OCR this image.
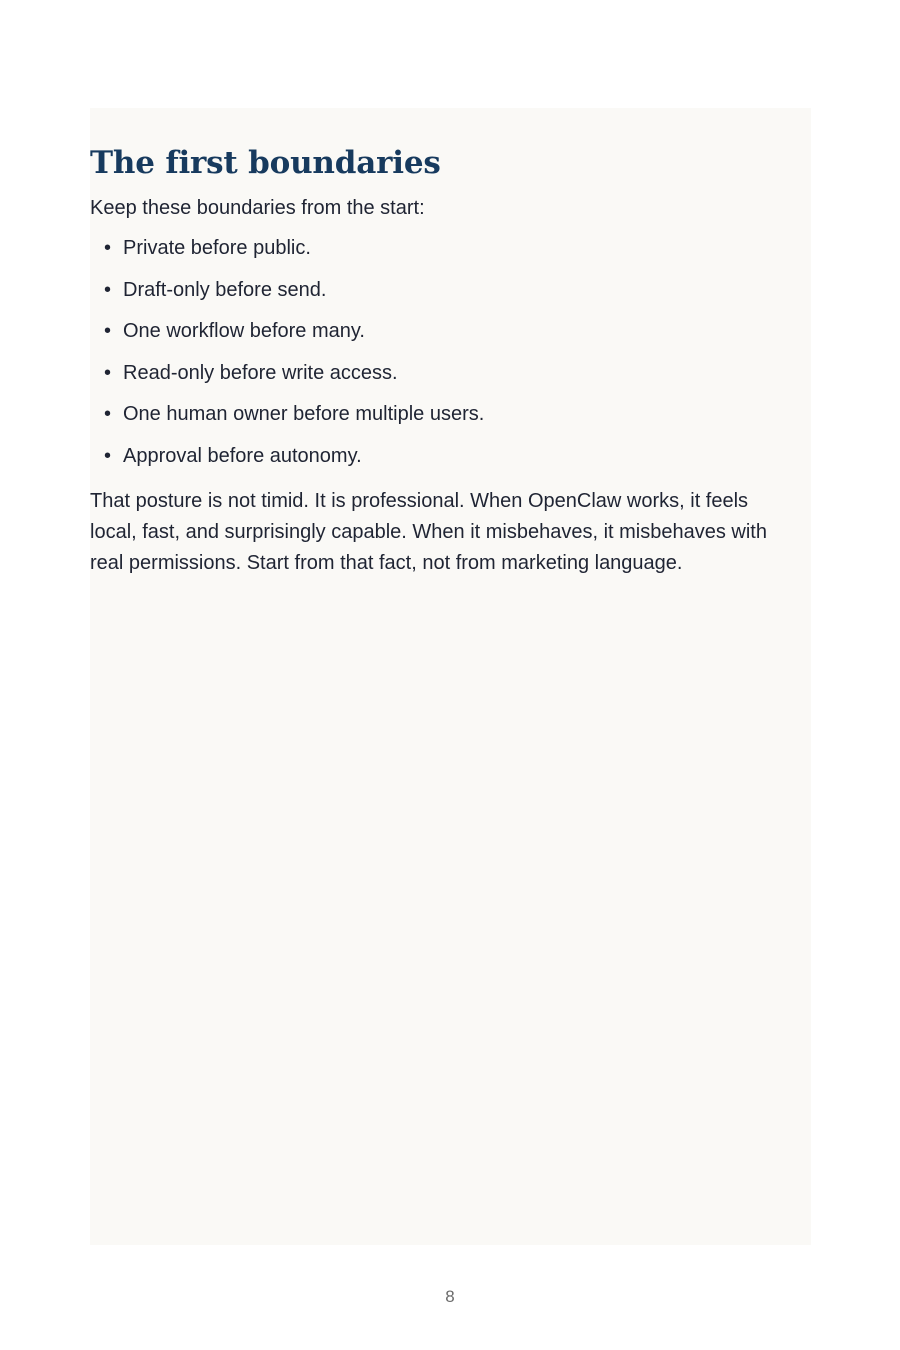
The first boundaries

Keep these boundaries from the start:

• Private before public.
• Draft-only before send.
• One workflow before many.
• Read-only before write access.
• One human owner before multiple users.
• Approval before autonomy.

That posture is not timid. It is professional. When OpenClaw works, it feels local, fast, and surprisingly capable. When it misbehaves, it misbehaves with real permissions. Start from that fact, not from marketing language.

8
